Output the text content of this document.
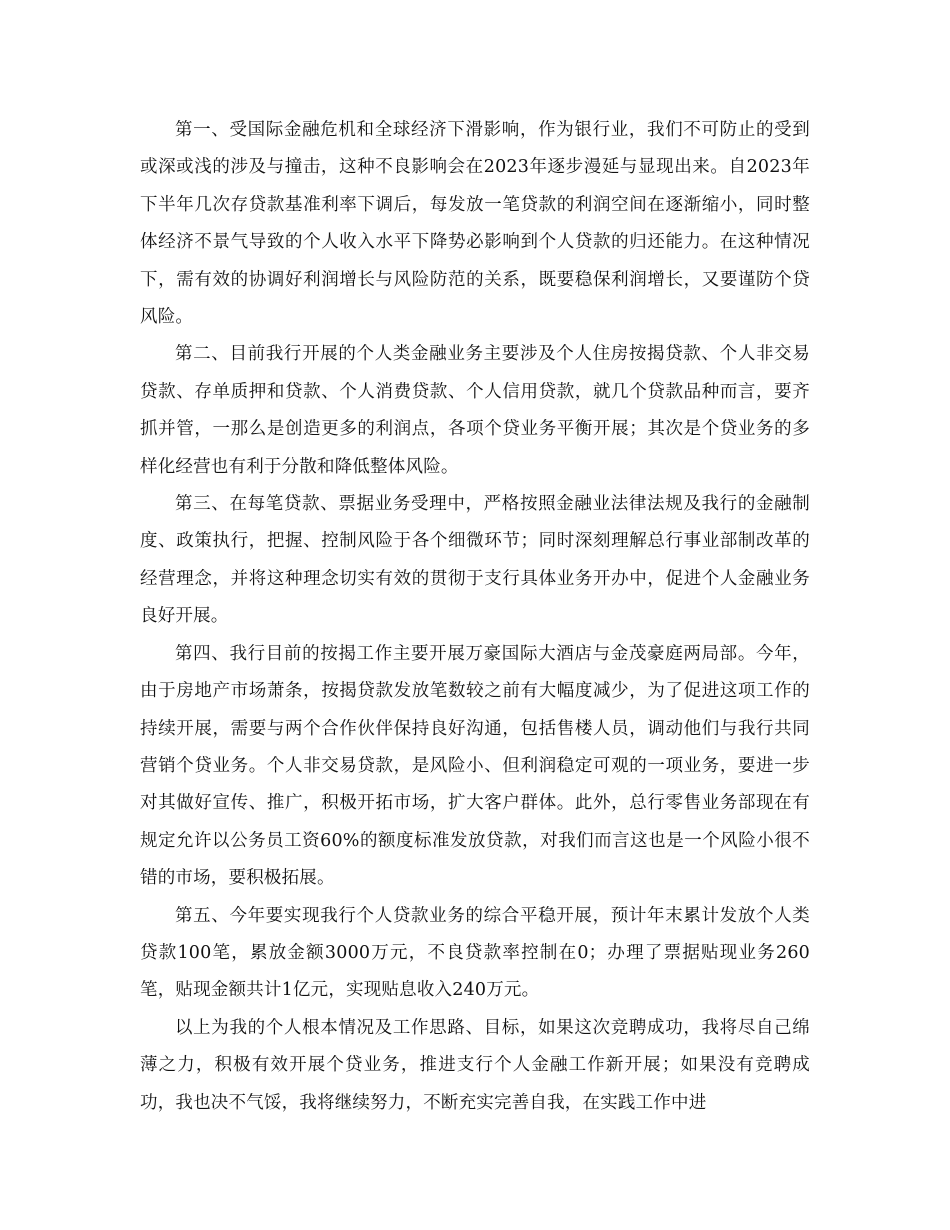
第一、受国际金融危机和全球经济下滑影响，作为银行业，我们不可防止的受到或深或浅的涉及与撞击，这种不良影响会在2023年逐步漫延与显现出来。自2023年下半年几次存贷款基准利率下调后，每发放一笔贷款的利润空间在逐渐缩小，同时整体经济不景气导致的个人收入水平下降势必影响到个人贷款的归还能力。在这种情况下，需有效的协调好利润增长与风险防范的关系，既要稳保利润增长，又要谨防个贷风险。

第二、目前我行开展的个人类金融业务主要涉及个人住房按揭贷款、个人非交易贷款、存单质押和贷款、个人消费贷款、个人信用贷款，就几个贷款品种而言，要齐抓并管，一那么是创造更多的利润点，各项个贷业务平衡开展；其次是个贷业务的多样化经营也有利于分散和降低整体风险。

第三、在每笔贷款、票据业务受理中，严格按照金融业法律法规及我行的金融制度、政策执行，把握、控制风险于各个细微环节；同时深刻理解总行事业部制改革的经营理念，并将这种理念切实有效的贯彻于支行具体业务开办中，促进个人金融业务良好开展。

第四、我行目前的按揭工作主要开展万豪国际大酒店与金茂豪庭两局部。今年，由于房地产市场萧条，按揭贷款发放笔数较之前有大幅度减少，为了促进这项工作的持续开展，需要与两个合作伙伴保持良好沟通，包括售楼人员，调动他们与我行共同营销个贷业务。个人非交易贷款，是风险小、但利润稳定可观的一项业务，要进一步对其做好宣传、推广，积极开拓市场，扩大客户群体。此外，总行零售业务部现在有规定允许以公务员工资60%的额度标准发放贷款，对我们而言这也是一个风险小很不错的市场，要积极拓展。

第五、今年要实现我行个人贷款业务的综合平稳开展，预计年末累计发放个人类贷款100笔，累放金额3000万元，不良贷款率控制在0；办理了票据贴现业务260笔，贴现金额共计1亿元，实现贴息收入240万元。

以上为我的个人根本情况及工作思路、目标，如果这次竞聘成功，我将尽自己绵薄之力，积极有效开展个贷业务，推进支行个人金融工作新开展；如果没有竞聘成功，我也决不气馁，我将继续努力，不断充实完善自我，在实践工作中进
